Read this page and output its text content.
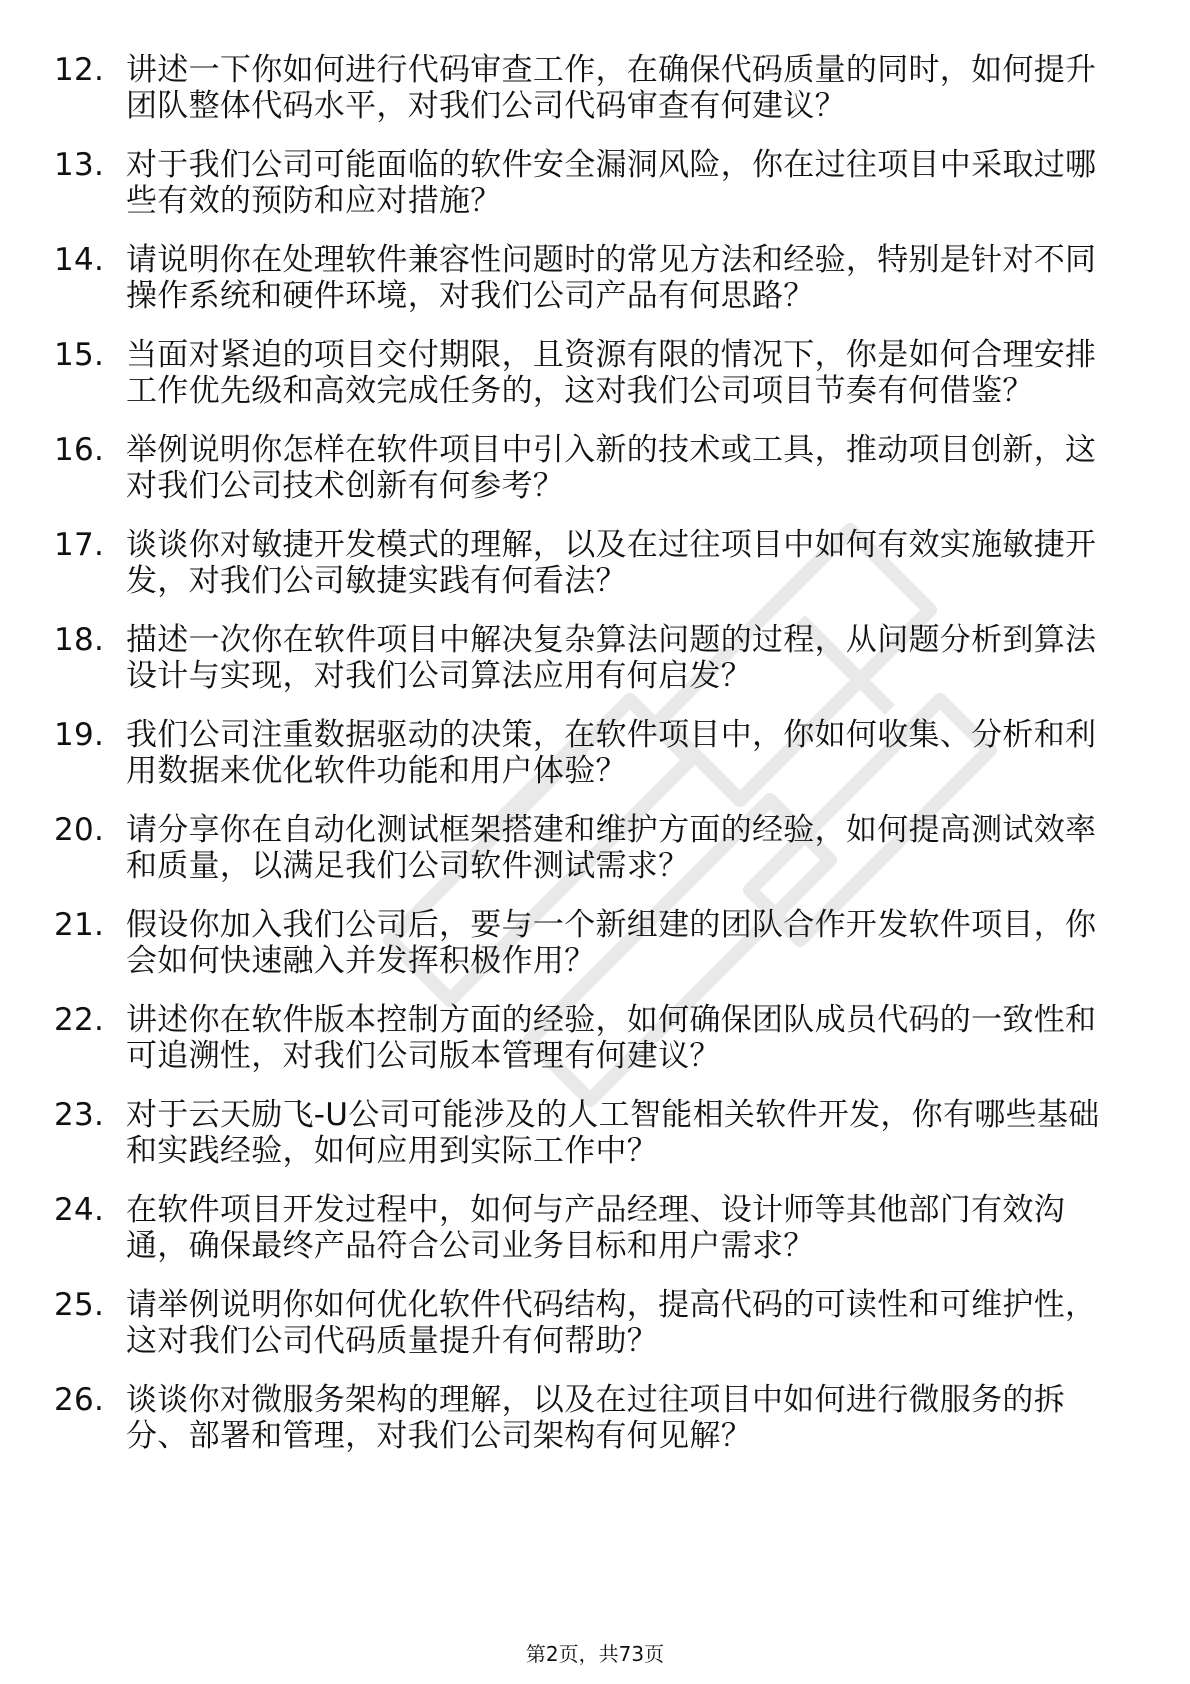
12. 讲述一下你如何进行代码审查工作，在确保代码质量的同时，如何提升团队整体代码水平，对我们公司代码审查有何建议？
13. 对于我们公司可能面临的软件安全漏洞风险，你在过往项目中采取过哪些有效的预防和应对措施？
14. 请说明你在处理软件兼容性问题时的常见方法和经验，特别是针对不同操作系统和硬件环境，对我们公司产品有何思路？
15. 当面对紧迫的项目交付期限，且资源有限的情况下，你是如何合理安排工作优先级和高效完成任务的，这对我们公司项目节奏有何借鉴？
16. 举例说明你怎样在软件项目中引入新的技术或工具，推动项目创新，这对我们公司技术创新有何参考？
17. 谈谈你对敏捷开发模式的理解，以及在过往项目中如何有效实施敏捷开发，对我们公司敏捷实践有何看法？
18. 描述一次你在软件项目中解决复杂算法问题的过程，从问题分析到算法设计与实现，对我们公司算法应用有何启发？
19. 我们公司注重数据驱动的决策，在软件项目中，你如何收集、分析和利用数据来优化软件功能和用户体验？
20. 请分享你在自动化测试框架搭建和维护方面的经验，如何提高测试效率和质量，以满足我们公司软件测试需求？
21. 假设你加入我们公司后，要与一个新组建的团队合作开发软件项目，你会如何快速融入并发挥积极作用？
22. 讲述你在软件版本控制方面的经验，如何确保团队成员代码的一致性和可追溯性，对我们公司版本管理有何建议？
23. 对于云天励飞-U公司可能涉及的人工智能相关软件开发，你有哪些基础和实践经验，如何应用到实际工作中？
24. 在软件项目开发过程中，如何与产品经理、设计师等其他部门有效沟通，确保最终产品符合公司业务目标和用户需求？
25. 请举例说明你如何优化软件代码结构，提高代码的可读性和可维护性，这对我们公司代码质量提升有何帮助？
26. 谈谈你对微服务架构的理解，以及在过往项目中如何进行微服务的拆分、部署和管理，对我们公司架构有何见解？
第2页，共73页
